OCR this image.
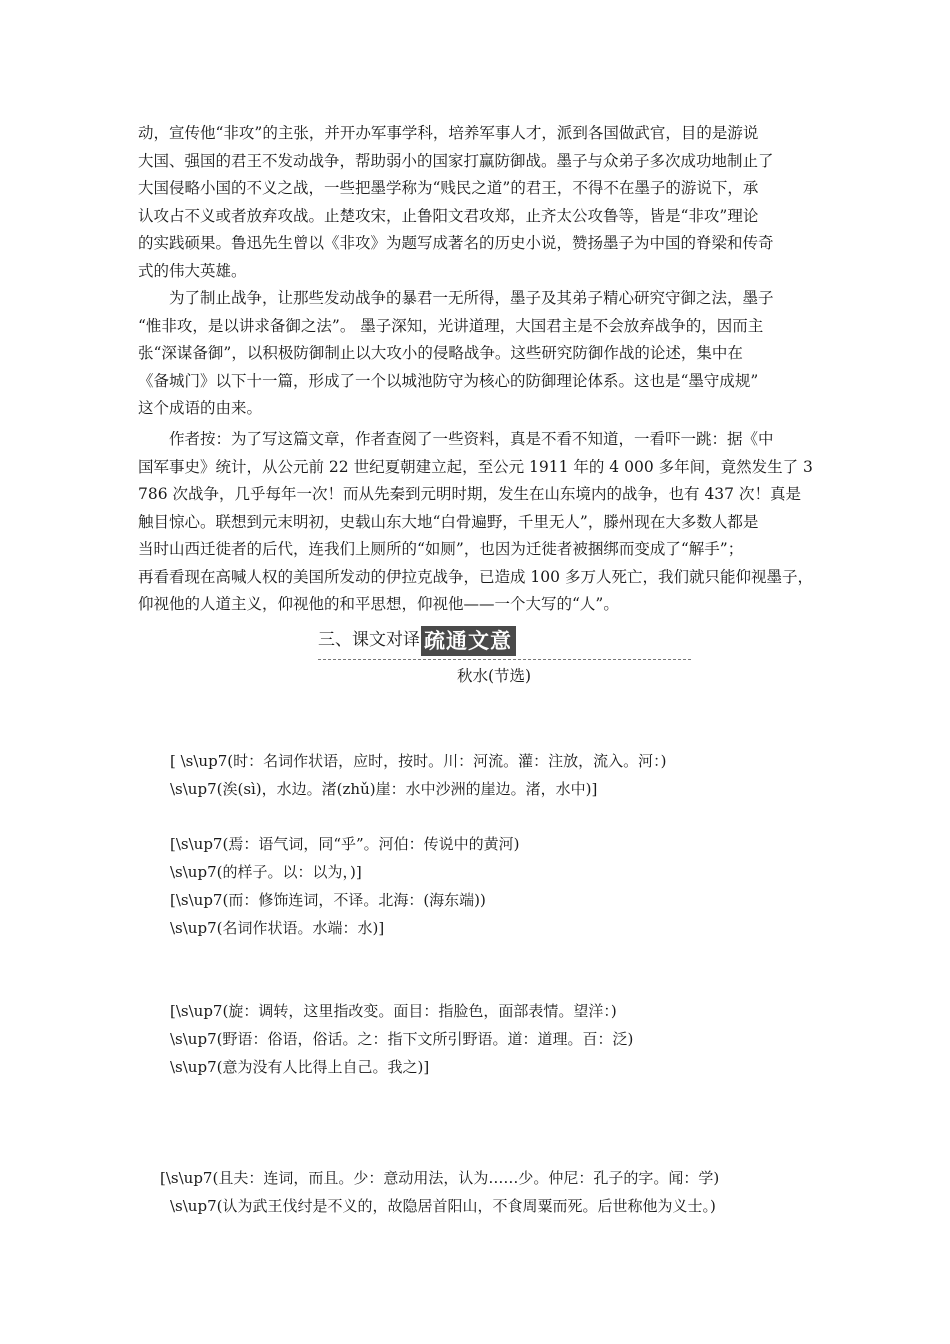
动，宣传他“非攻”的主张，并开办军事学科，培养军事人才，派到各国做武官，目的是游说
大国、强国的君王不发动战争，帮助弱小的国家打赢防御战。墨子与众弟子多次成功地制止了
大国侵略小国的不义之战，一些把墨学称为“贱民之道”的君王，不得不在墨子的游说下，承
认攻占不义或者放弃攻战。止楚攻宋，止鲁阳文君攻郑，止齐太公攻鲁等，皆是“非攻”理论
的实践硕果。鲁迅先生曾以《非攻》为题写成著名的历史小说，赞扬墨子为中国的脊梁和传奇
式的伟大英雄。
　　为了制止战争，让那些发动战争的暴君一无所得，墨子及其弟子精心研究守御之法，墨子
“惟非攻，是以讲求备御之法”。 墨子深知，光讲道理，大国君主是不会放弃战争的，因而主
张“深谋备御”，以积极防御制止以大攻小的侵略战争。这些研究防御作战的论述，集中在
《备城门》以下十一篇，形成了一个以城池防守为核心的防御理论体系。这也是“墨守成规”
这个成语的由来。
　　作者按：为了写这篇文章，作者查阅了一些资料，真是不看不知道，一看吓一跳：据《中
国军事史》统计，从公元前 22 世纪夏朝建立起，至公元 1911 年的 4 000 多年间，竟然发生了 3
786 次战争，几乎每年一次！而从先秦到元明时期，发生在山东境内的战争，也有 437 次！真是
触目惊心。联想到元末明初，史载山东大地“白骨遍野，千里无人”，滕州现在大多数人都是
当时山西迁徙者的后代，连我们上厕所的“如厕”，也因为迁徙者被捆绑而变成了“解手”；
再看看现在高喊人权的美国所发动的伊拉克战争，已造成 100 多万人死亡，我们就只能仰视墨子，
仰视他的人道主义，仰视他的和平思想，仰视他——一个大写的“人”。
三、课文对译 疏通文意
秋水(节选)
[ \s\up7(时：名词作状语，应时，按时。川：河流。灌：注放，流入。河：)
\s\up7(涘(sì)，水边。渚(zhǔ)崖：水中沙洲的崖边。渚，水中)]
[\s\up7(焉：语气词，同“乎”。河伯：传说中的黄河)
\s\up7(的样子。以：以为，)]
[\s\up7(而：修饰连词，不译。北海：(海东端))
\s\up7(名词作状语。水端：水)]
[\s\up7(旋：调转，这里指改变。面目：指脸色，面部表情。望洋：)
\s\up7(野语：俗语，俗话。之：指下文所引野语。道：道理。百：泛)
\s\up7(意为没有人比得上自己。我之)]
[\s\up7(且夫：连词，而且。少：意动用法，认为……少。仲尼：孔子的字。闻：学)
\s\up7(认为武王伐纣是不义的，故隐居首阳山，不食周粟而死。后世称他为义士。)
